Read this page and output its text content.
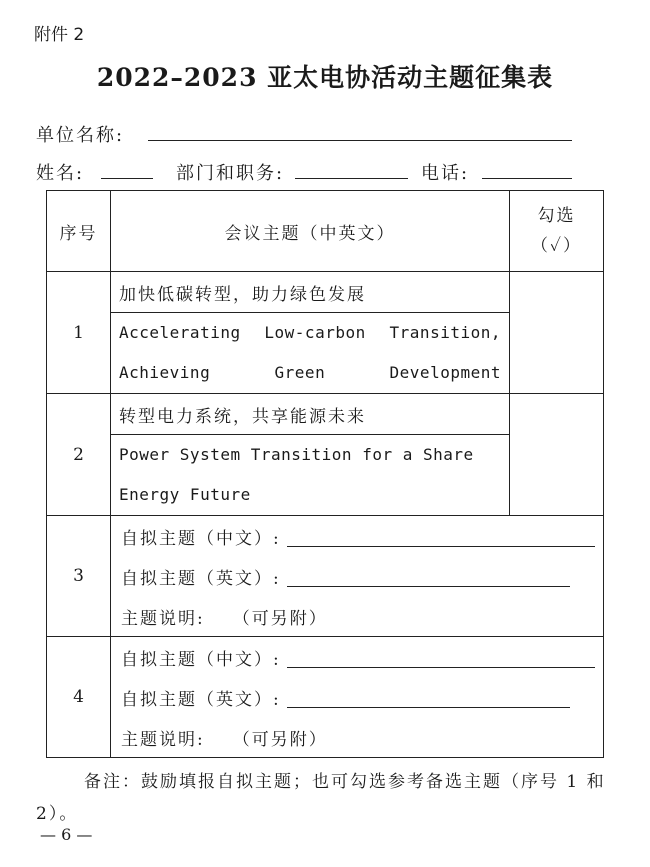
附件 2
2022–2023 亚太电协活动主题征集表
单位名称:
姓名:	部门和职务:	电话:
序号	会议主题（中英文）	勾选
（✓）

1	加快低碳转型，助力绿色发展
Accelerating Low-carbon Transition, Achieving Green Development	

2	转型电力系统，共享能源未来
Power System Transition for a Share Energy Future	

3	自拟主题（中文）:
自拟主题（英文）:
主题说明: （可另附）	

4	自拟主题（中文）:
自拟主题（英文）:
主题说明: （可另附）	
备注：鼓励填报自拟主题；也可勾选参考备选主题（序号 1 和 2）。
— 6 —
